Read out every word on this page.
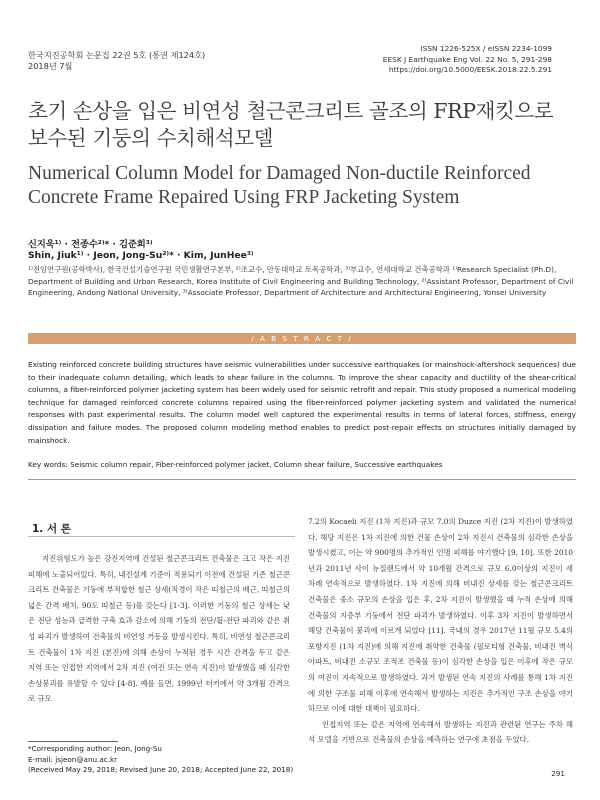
한국지진공학회 논문집 22권 5호 (통권 제124호)
2018년 7월
ISSN 1226-525X / eISSN 2234-1099
EESK J Earthquake Eng Vol. 22 No. 5, 291-298
https://doi.org/10.5000/EESK.2018.22.5.291
초기 손상을 입은 비연성 철근콘크리트 골조의 FRP재킷으로 보수된 기둥의 수치해석모델
Numerical Column Model for Damaged Non-ductile Reinforced Concrete Frame Repaired Using FRP Jacketing System
신지욱¹⁾ · 전종수²⁾* · 김준희³⁾
Shin, Jiuk¹⁾ · Jeon, Jong-Su²⁾* · Kim, JunHee³⁾
¹⁾전임연구원(공학박사), 한국건설기술연구원 국민생활연구본부, ²⁾조교수, 안동대학교 토목공학과, ³⁾부교수, 연세대학교 건축공학과 ¹⁾Research Specialist (Ph.D), Department of Building and Urban Research, Korea Institute of Civil Engineering and Building Technology, ²⁾Assistant Professor, Department of Civil Engineering, Andong National University, ³⁾Associate Professor, Department of Architecture and Architectural Engineering, Yonsei University
/ A B S T R A C T /
Existing reinforced concrete building structures have seismic vulnerabilities under successive earthquakes (or mainshock-aftershock sequences) due to their inadequate column detailing, which leads to shear failure in the columns. To improve the shear capacity and ductility of the shear-critical columns, a fiber-reinforced polymer jacketing system has been widely used for seismic retrofit and repair. This study proposed a numerical modeling technique for damaged reinforced concrete columns repaired using the fiber-reinforced polymer jacketing system and validated the numerical responses with past experimental results. The column model well captured the experimental results in terms of lateral forces, stiffness, energy dissipation and failure modes. The proposed column modeling method enables to predict post-repair effects on structures initially damaged by mainshock.
Key words: Seismic column repair, Fiber-reinforced polymer jacket, Column shear failure, Successive earthquakes
1. 서 론

지진위험도가 높은 강진지역에 건설된 철근콘크리트 건축물은 크고 작은 지진 피해에 노출되어있다. 특히, 내진설계 기준이 적용되기 이전에 건설된 기존 철근콘크리트 건축물은 기둥에 부적합한 철근 상세(직경이 작은 띠철근의 배근, 띠철근의 넓은 간격 배치, 90도 띠철근 등)를 갖는다 [1-3]. 이러한 기둥의 철근 상세는 낮은 전단 성능과 급격한 구축 효과 감소에 의해 기둥의 전단/휨-전단 파괴와 같은 취성 파괴가 발생하여 건축물의 비연성 거동을 발생시킨다. 특히, 비연성 철근콘크리트 건축물이 1차 지진 (본진)에 의해 손상이 누적된 경우 시간 간격을 두고 같은 지역 또는 인접한 지역에서 2차 지진 (여진 또는 연속 지진)이 발생했을 때 심각한 손상붕괴를 유발할 수 있다 [4-8]. 예를 들면, 1999년 터키에서 약 3개월 간격으로 규모

7.2의 Kocaeli 지진 (1차 지진)과 규모 7.0의 Duzce 지진 (2차 지진)이 발생하였다. 해당 지진은 1차 지진에 의한 건물 손상이 2차 지진시 건축물의 심각한 손상을 발생시켰고, 이는 약 900명의 추가적인 인명 피해를 야기했다 [9, 10]. 또한 2010년과 2011년 사이 뉴질랜드에서 약 10개월 간격으로 규모 6.0이상의 지진이 세 차례 연속적으로 발생하였다. 1차 지진에 의해 비내진 상세를 갖는 철근콘크리트 건축물은 중소 규모의 손상을 입은 후, 2차 지진이 발생했을 때 누적 손상에 의해 건축물의 지층부 기둥에서 전단 파괴가 발생하였다. 이후 3차 지진이 발생하면서 해당 건축물이 붕괴에 이르게 되었다 [11]. 국내의 경우 2017년 11월 규모 5.4의 포항지진 (1차 지진)에 의해 지진에 취약한 건축물 (필로티형 건축물, 비내진 벽식 아파트, 비내진 소규모 조적조 건축물 등)이 심각한 손상을 입은 이후에 작은 규모의 여진이 지속적으로 발생하였다. 과거 발생된 연속 지진의 사례를 통해 1차 지진에 의한 구조물 피해 이후에 연속해서 발생하는 지진은 추가적인 구조 손상을 야기하므로 이에 대한 대책이 필요하다.

인접지역 또는 같은 지역에 연속해서 발생하는 지진과 관련된 연구는 주차 해석 모델을 기반으로 건축물의 손상을 예측하는 연구에 초점을 두었다.

*Corresponding author: Jeon, Jong-Su
E-mail: jsjeon@anu.ac.kr
(Received May 29, 2018; Revised June 20, 2018; Accepted June 22, 2018)	291
